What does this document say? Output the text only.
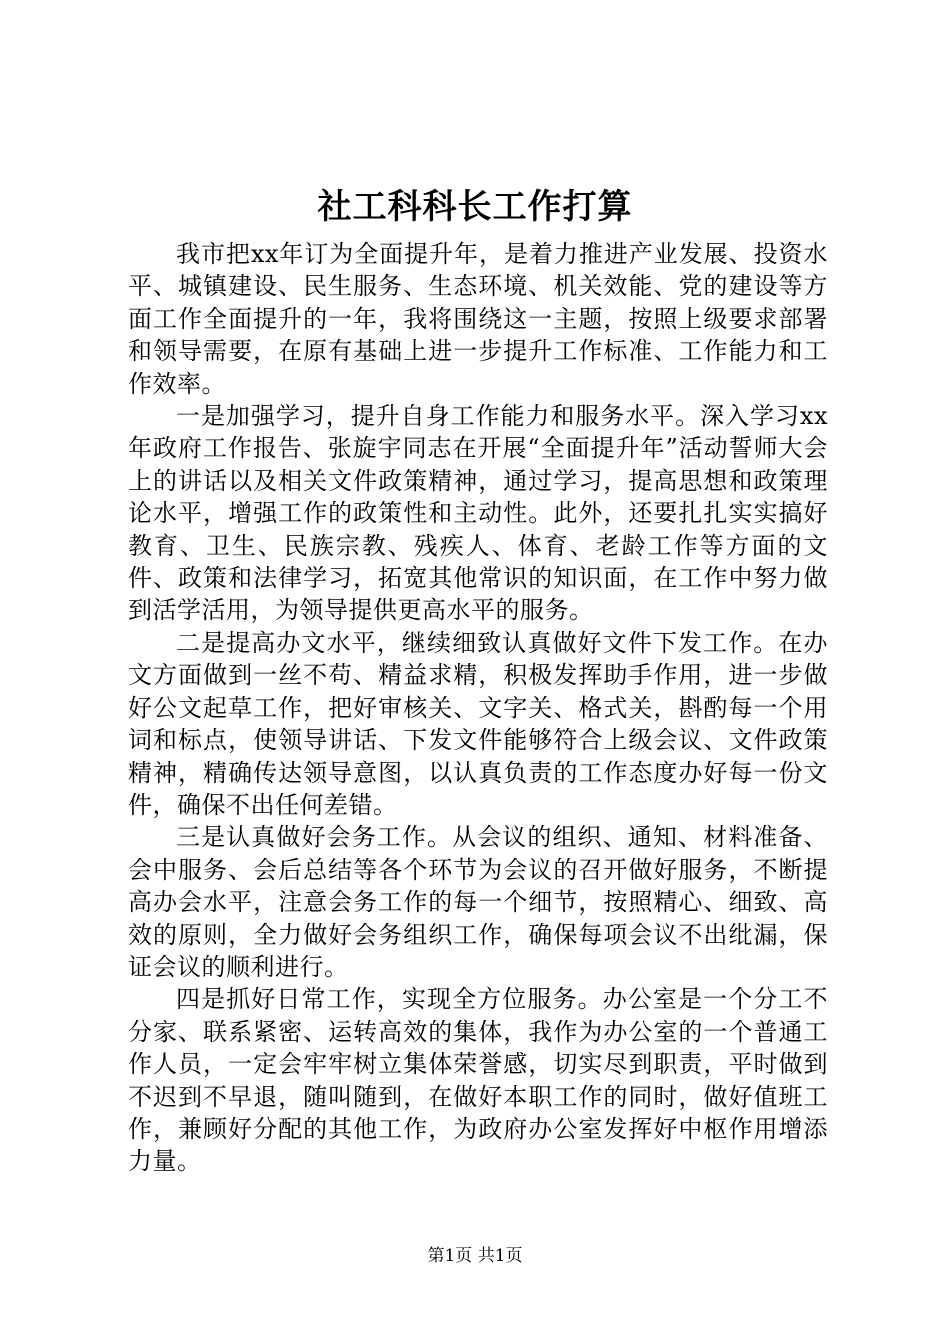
社工科科长工作打算

我市把xx年订为全面提升年，是着力推进产业发展、投资水平、城镇建设、民生服务、生态环境、机关效能、党的建设等方面工作全面提升的一年，我将围绕这一主题，按照上级要求部署和领导需要，在原有基础上进一步提升工作标准、工作能力和工作效率。

一是加强学习，提升自身工作能力和服务水平。深入学习xx年政府工作报告、张旋宇同志在开展“全面提升年”活动誓师大会上的讲话以及相关文件政策精神，通过学习，提高思想和政策理论水平，增强工作的政策性和主动性。此外，还要扎扎实实搞好教育、卫生、民族宗教、残疾人、体育、老龄工作等方面的文件、政策和法律学习，拓宽其他常识的知识面，在工作中努力做到活学活用，为领导提供更高水平的服务。

二是提高办文水平，继续细致认真做好文件下发工作。在办文方面做到一丝不苟、精益求精，积极发挥助手作用，进一步做好公文起草工作，把好审核关、文字关、格式关，斟酌每一个用词和标点，使领导讲话、下发文件能够符合上级会议、文件政策精神，精确传达领导意图，以认真负责的工作态度办好每一份文件，确保不出任何差错。

三是认真做好会务工作。从会议的组织、通知、材料准备、会中服务、会后总结等各个环节为会议的召开做好服务，不断提高办会水平，注意会务工作的每一个细节，按照精心、细致、高效的原则，全力做好会务组织工作，确保每项会议不出纰漏，保证会议的顺利进行。

四是抓好日常工作，实现全方位服务。办公室是一个分工不分家、联系紧密、运转高效的集体，我作为办公室的一个普通工作人员，一定会牢牢树立集体荣誉感，切实尽到职责，平时做到不迟到不早退，随叫随到，在做好本职工作的同时，做好值班工作，兼顾好分配的其他工作，为政府办公室发挥好中枢作用增添力量。

第1页 共1页
